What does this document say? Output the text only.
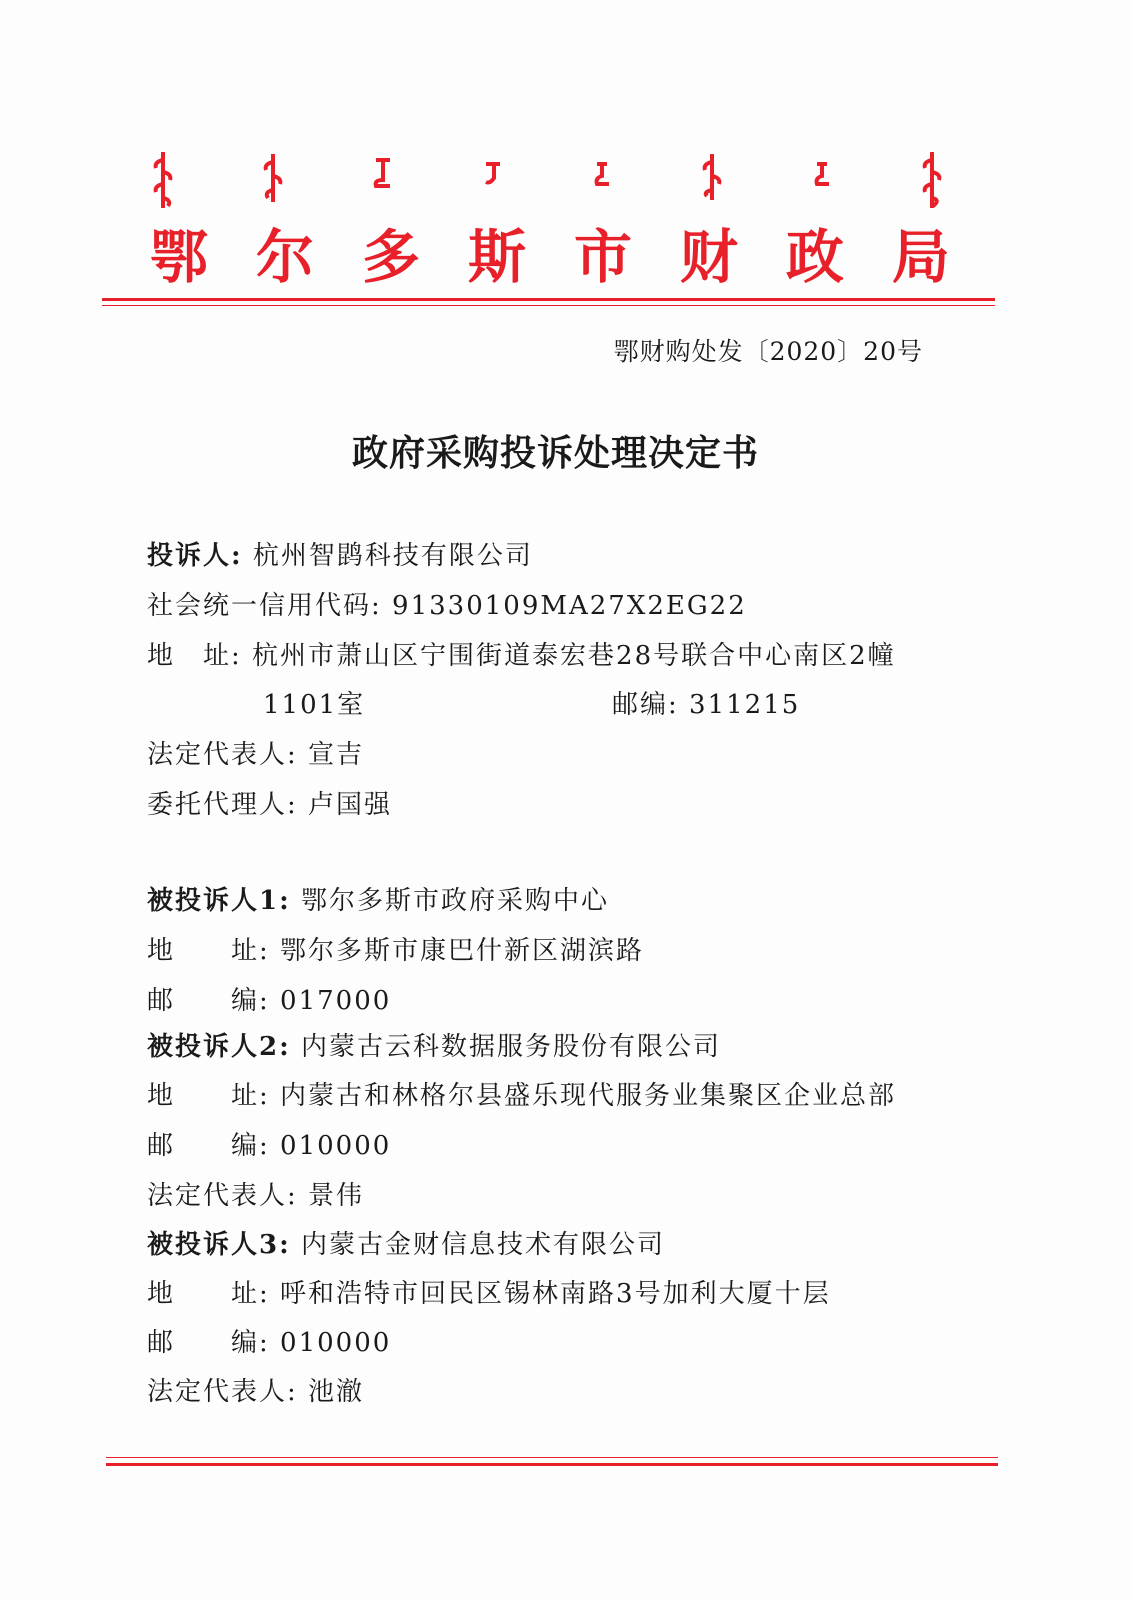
鄂 尔 多 斯 市 财 政 局
鄂财购处发〔2020〕20号
政府采购投诉处理决定书
投诉人: 杭州智鹍科技有限公司
社会统一信用代码: 91330109MA27X2EG22
地　址: 杭州市萧山区宁围街道泰宏巷28号联合中心南区2幢
1101室	邮编: 311215
法定代表人: 宣吉
委托代理人: 卢国强
被投诉人1: 鄂尔多斯市政府采购中心
地　　址: 鄂尔多斯市康巴什新区湖滨路
邮　　编: 017000
被投诉人2: 内蒙古云科数据服务股份有限公司
地　　址: 内蒙古和林格尔县盛乐现代服务业集聚区企业总部
邮　　编: 010000
法定代表人: 景伟
被投诉人3: 内蒙古金财信息技术有限公司
地　　址: 呼和浩特市回民区锡林南路3号加利大厦十层
邮　　编: 010000
法定代表人: 池澈
